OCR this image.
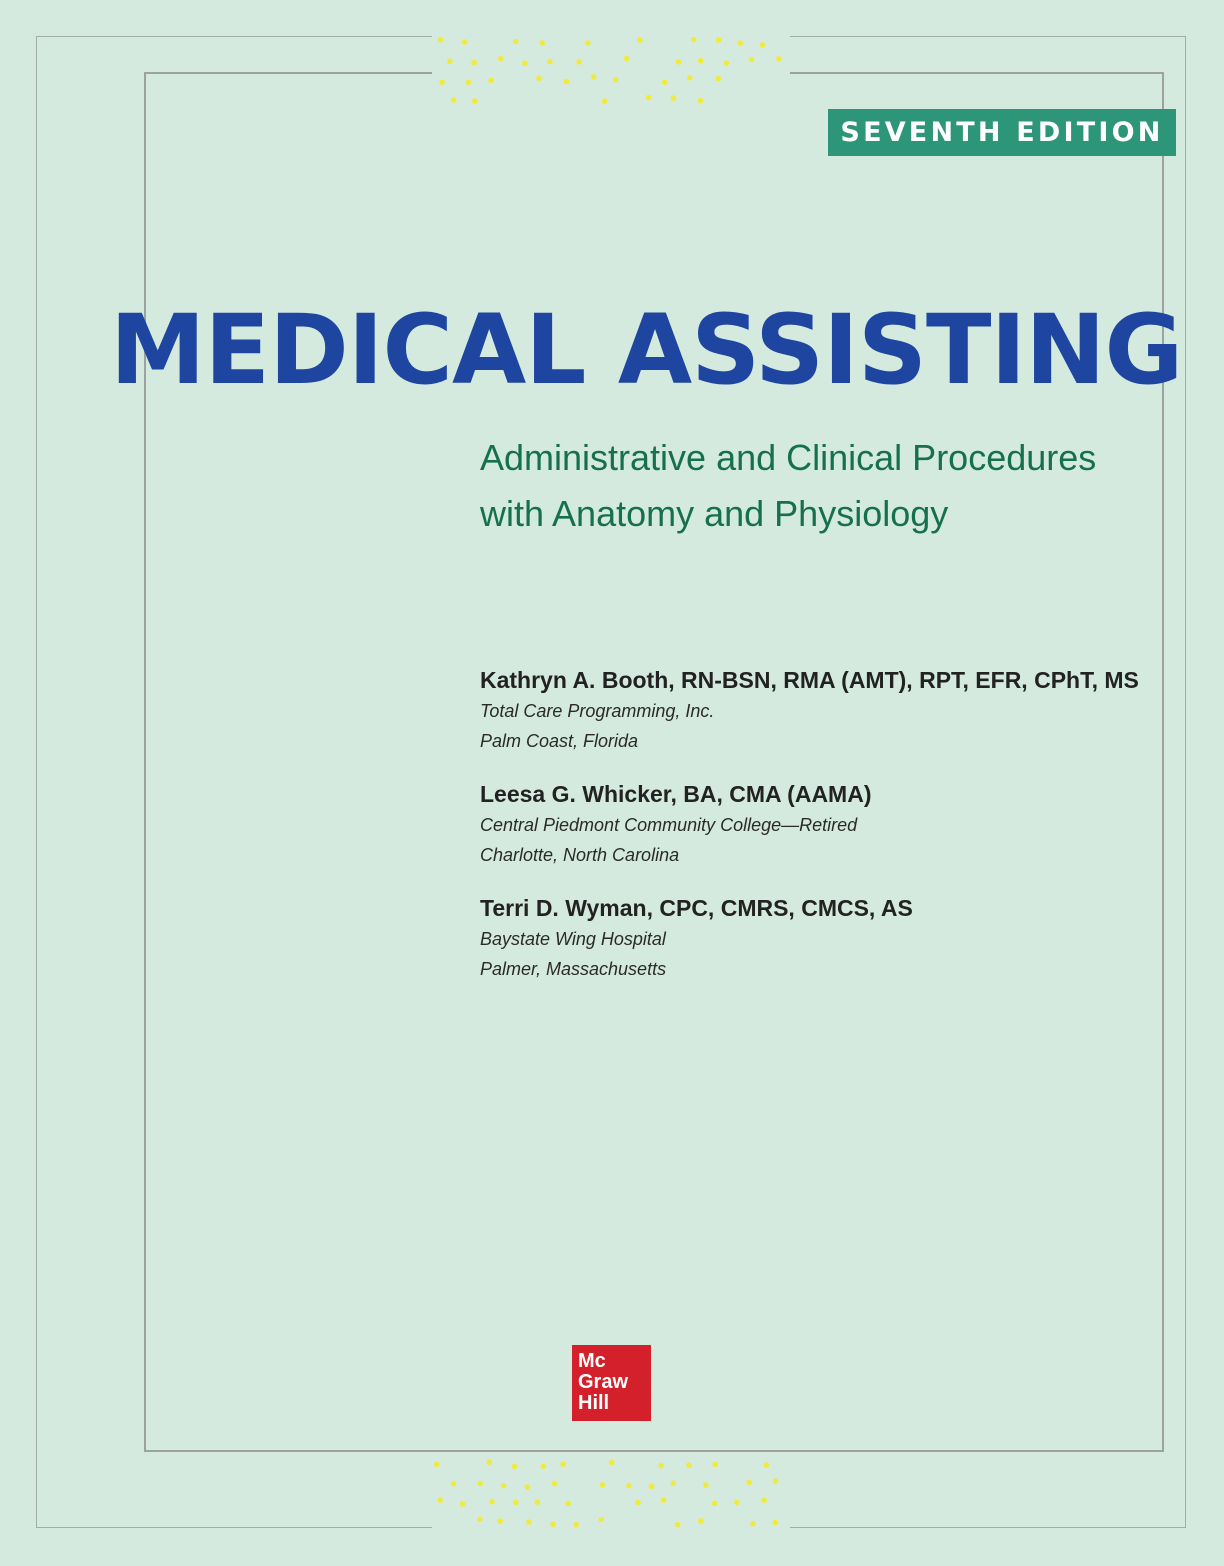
SEVENTH EDITION
MEDICAL ASSISTING
Administrative and Clinical Procedures
with Anatomy and Physiology
Kathryn A. Booth, RN-BSN, RMA (AMT), RPT, EFR, CPhT, MS
Total Care Programming, Inc.
Palm Coast, Florida
Leesa G. Whicker, BA, CMA (AAMA)
Central Piedmont Community College—Retired
Charlotte, North Carolina
Terri D. Wyman, CPC, CMRS, CMCS, AS
Baystate Wing Hospital
Palmer, Massachusetts
Mc
Graw
Hill
